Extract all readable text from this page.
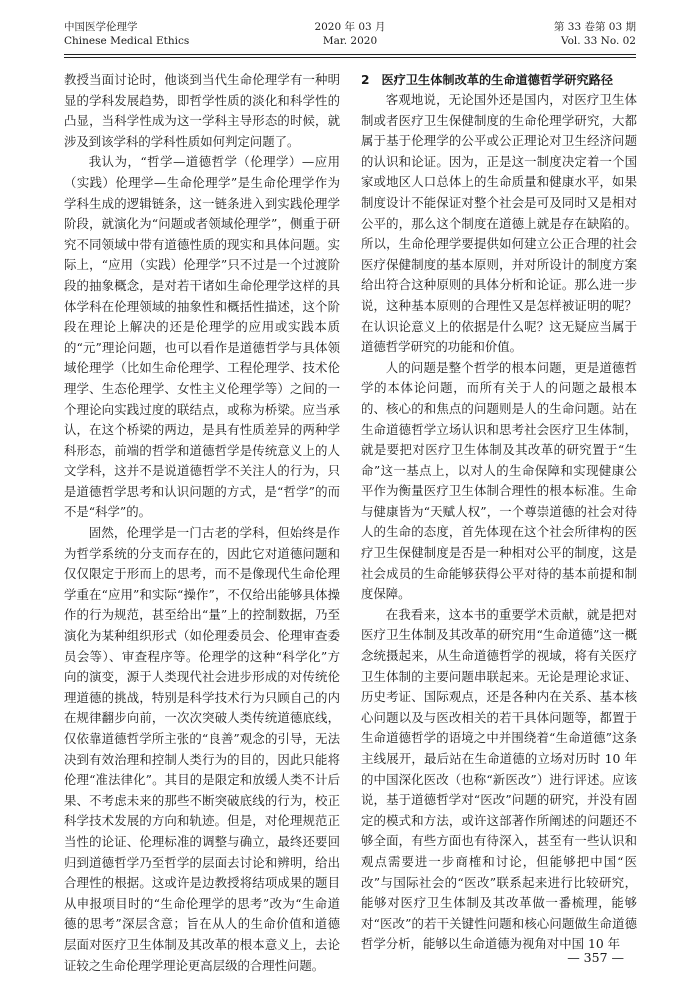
中国医学伦理学
Chinese Medical Ethics
2020 年 03 月
Mar. 2020
第 33 卷第 03 期
Vol. 33 No. 02

教授当面讨论时，他谈到当代生命伦理学有一种明显的学科发展趋势，即哲学性质的淡化和科学性的凸显，当科学性成为这一学科主导形态的时候，就涉及到该学科的学科性质如何判定问题了。

我认为，“哲学—道德哲学（伦理学）—应用（实践）伦理学—生命伦理学”是生命伦理学作为学科生成的逻辑链条，这一链条进入到实践伦理学阶段，就演化为“问题或者领域伦理学”，侧重于研究不同领域中带有道德性质的现实和具体问题。实际上，“应用（实践）伦理学”只不过是一个过渡阶段的抽象概念，是对若干诸如生命伦理学这样的具体学科在伦理领域的抽象性和概括性描述，这个阶段在理论上解决的还是伦理学的应用或实践本质的“元”理论问题，也可以看作是道德哲学与具体领域伦理学（比如生命伦理学、工程伦理学、技术伦理学、生态伦理学、女性主义伦理学等）之间的一个理论向实践过度的联结点，或称为桥梁。应当承认，在这个桥梁的两边，是具有性质差异的两种学科形态，前端的哲学和道德哲学是传统意义上的人文学科，这并不是说道德哲学不关注人的行为，只是道德哲学思考和认识问题的方式，是“哲学”的而不是“科学”的。

固然，伦理学是一门古老的学科，但始终是作为哲学系统的分支而存在的，因此它对道德问题和仅仅限定于形而上的思考，而不是像现代生命伦理学重在“应用”和实际“操作”，不仅给出能够具体操作的行为规范，甚至给出“量”上的控制数据，乃至演化为某种组织形式（如伦理委员会、伦理审查委员会等）、审查程序等。伦理学的这种“科学化”方向的演变，源于人类现代社会进步形成的对传统伦理道德的挑战，特别是科学技术行为只顾自己的内在规律翻步向前，一次次突破人类传统道德底线，仅依靠道德哲学所主张的“良善”观念的引导，无法决到有效治理和控制人类行为的目的，因此只能将伦理“准法律化”。其目的是限定和放缓人类不计后果、不考虑未来的那些不断突破底线的行为，校正科学技术发展的方向和轨迹。但是，对伦理规范正当性的论证、伦理标准的调整与确立，最终还要回归到道德哲学乃至哲学的层面去讨论和辨明，给出合理性的根据。这或许是边教授将结项成果的题目从申报项目时的“生命伦理学的思考”改为“生命道德的思考”深层含意；旨在从人的生命价值和道德层面对医疗卫生体制及其改革的根本意义上，去论证较之生命伦理学理论更高层级的合理性问题。

2 医疗卫生体制改革的生命道德哲学研究路径

客观地说，无论国外还是国内，对医疗卫生体制或者医疗卫生保健制度的生命伦理学研究，大都属于基于伦理学的公平或公正理论对卫生经济问题的认识和论证。因为，正是这一制度决定着一个国家或地区人口总体上的生命质量和健康水平，如果制度设计不能保证对整个社会是可及同时又是相对公平的，那么这个制度在道德上就是存在缺陷的。所以，生命伦理学要提供如何建立公正合理的社会医疗保健制度的基本原则，并对所设计的制度方案给出符合这种原则的具体分析和论证。那么进一步说，这种基本原则的合理性又是怎样被证明的呢？在认识论意义上的依据是什么呢？这无疑应当属于道德哲学研究的功能和价值。

人的问题是整个哲学的根本问题，更是道德哲学的本体论问题，而所有关于人的问题之最根本的、核心的和焦点的问题则是人的生命问题。站在生命道德哲学立场认识和思考社会医疗卫生体制，就是要把对医疗卫生体制及其改革的研究置于“生命”这一基点上，以对人的生命保障和实现健康公平作为衡量医疗卫生体制合理性的根本标准。生命与健康皆为“天赋人权”，一个尊崇道德的社会对待人的生命的态度，首先体现在这个社会所律构的医疗卫生保健制度是否是一种相对公平的制度，这是社会成员的生命能够获得公平对待的基本前提和制度保障。

在我看来，这本书的重要学术贡献，就是把对医疗卫生体制及其改革的研究用“生命道德”这一概念统摄起来，从生命道德哲学的视域，将有关医疗卫生体制的主要问题串联起来。无论是理论求证、历史考证、国际观点，还是各种内在关系、基本核心问题以及与医改相关的若干具体问题等，都置于生命道德哲学的语境之中并围绕着“生命道德”这条主线展开，最后站在生命道德的立场对历时 10 年的中国深化医改（也称“新医改”）进行评述。应该说，基于道德哲学对“医改”问题的研究，并没有固定的模式和方法，或许这部著作所阐述的问题还不够全面，有些方面也有待深入，甚至有一些认识和观点需要进一步商榷和讨论，但能够把中国“医改”与国际社会的“医改”联系起来进行比较研究，能够对医疗卫生体制及其改革做一番梳理，能够对“医改”的若干关键性问题和核心问题做生命道德哲学分析，能够以生命道德为视角对中国 10 年

— 357 —
